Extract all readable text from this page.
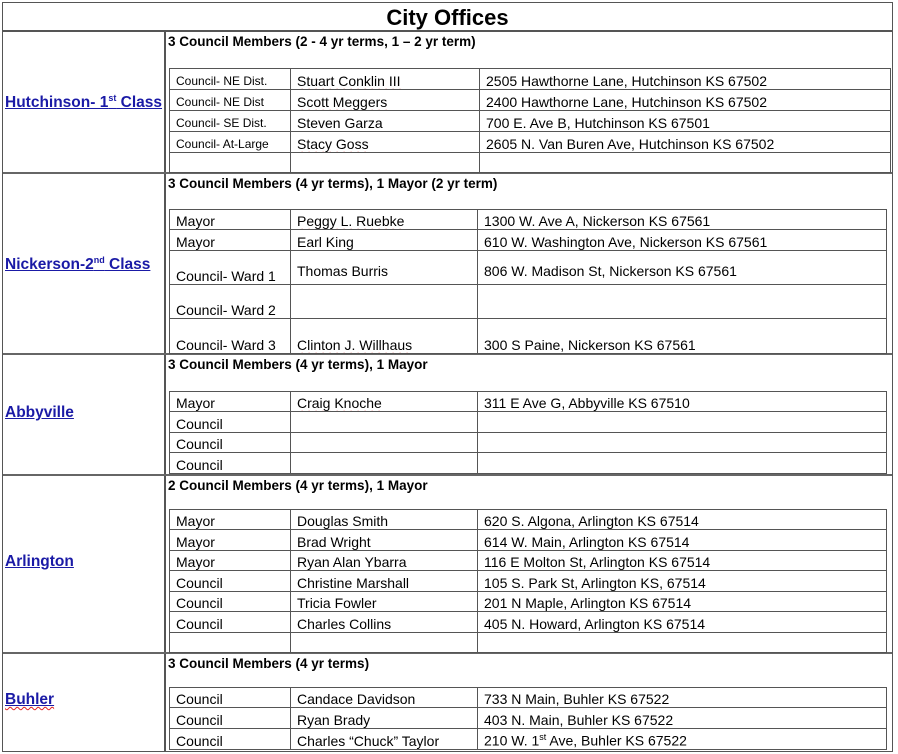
City Offices
Hutchinson- 1st Class
3 Council Members (2 - 4 yr terms, 1 – 2 yr term)
Council- NE Dist.	Stuart Conklin III	2505 Hawthorne Lane, Hutchinson KS 67502
Council- NE Dist	Scott Meggers	2400 Hawthorne Lane, Hutchinson KS 67502
Council- SE Dist.	Steven Garza	700 E. Ave B, Hutchinson KS 67501
Council- At-Large	Stacy Goss	2605 N. Van Buren Ave, Hutchinson KS 67502

Nickerson-2nd Class
3 Council Members (4 yr terms), 1 Mayor (2 yr term)
Mayor	Peggy L. Ruebke	1300 W. Ave A, Nickerson KS 67561
Mayor	Earl King	610 W. Washington Ave, Nickerson KS 67561
Council- Ward 1	Thomas Burris	806 W. Madison St, Nickerson KS 67561
Council- Ward 2		
Council- Ward 3	Clinton J. Willhaus	300 S Paine, Nickerson KS 67561
Abbyville
3 Council Members (4 yr terms), 1 Mayor
Mayor	Craig Knoche	311 E Ave G, Abbyville KS 67510
Council		
Council		
Council		
Arlington
2 Council Members (4 yr terms), 1 Mayor
Mayor	Douglas Smith	620 S. Algona, Arlington KS 67514
Mayor	Brad Wright	614 W. Main, Arlington KS 67514
Mayor	Ryan Alan Ybarra	116 E Molton St, Arlington KS 67514
Council	Christine Marshall	105 S. Park St, Arlington KS, 67514
Council	Tricia Fowler	201 N Maple, Arlington KS 67514
Council	Charles Collins	405 N. Howard, Arlington KS 67514

Buhler
3 Council Members (4 yr terms)
Council	Candace Davidson	733 N Main, Buhler KS 67522
Council	Ryan Brady	403 N. Main, Buhler KS 67522
Council	Charles “Chuck” Taylor	210 W. 1st Ave, Buhler KS 67522
